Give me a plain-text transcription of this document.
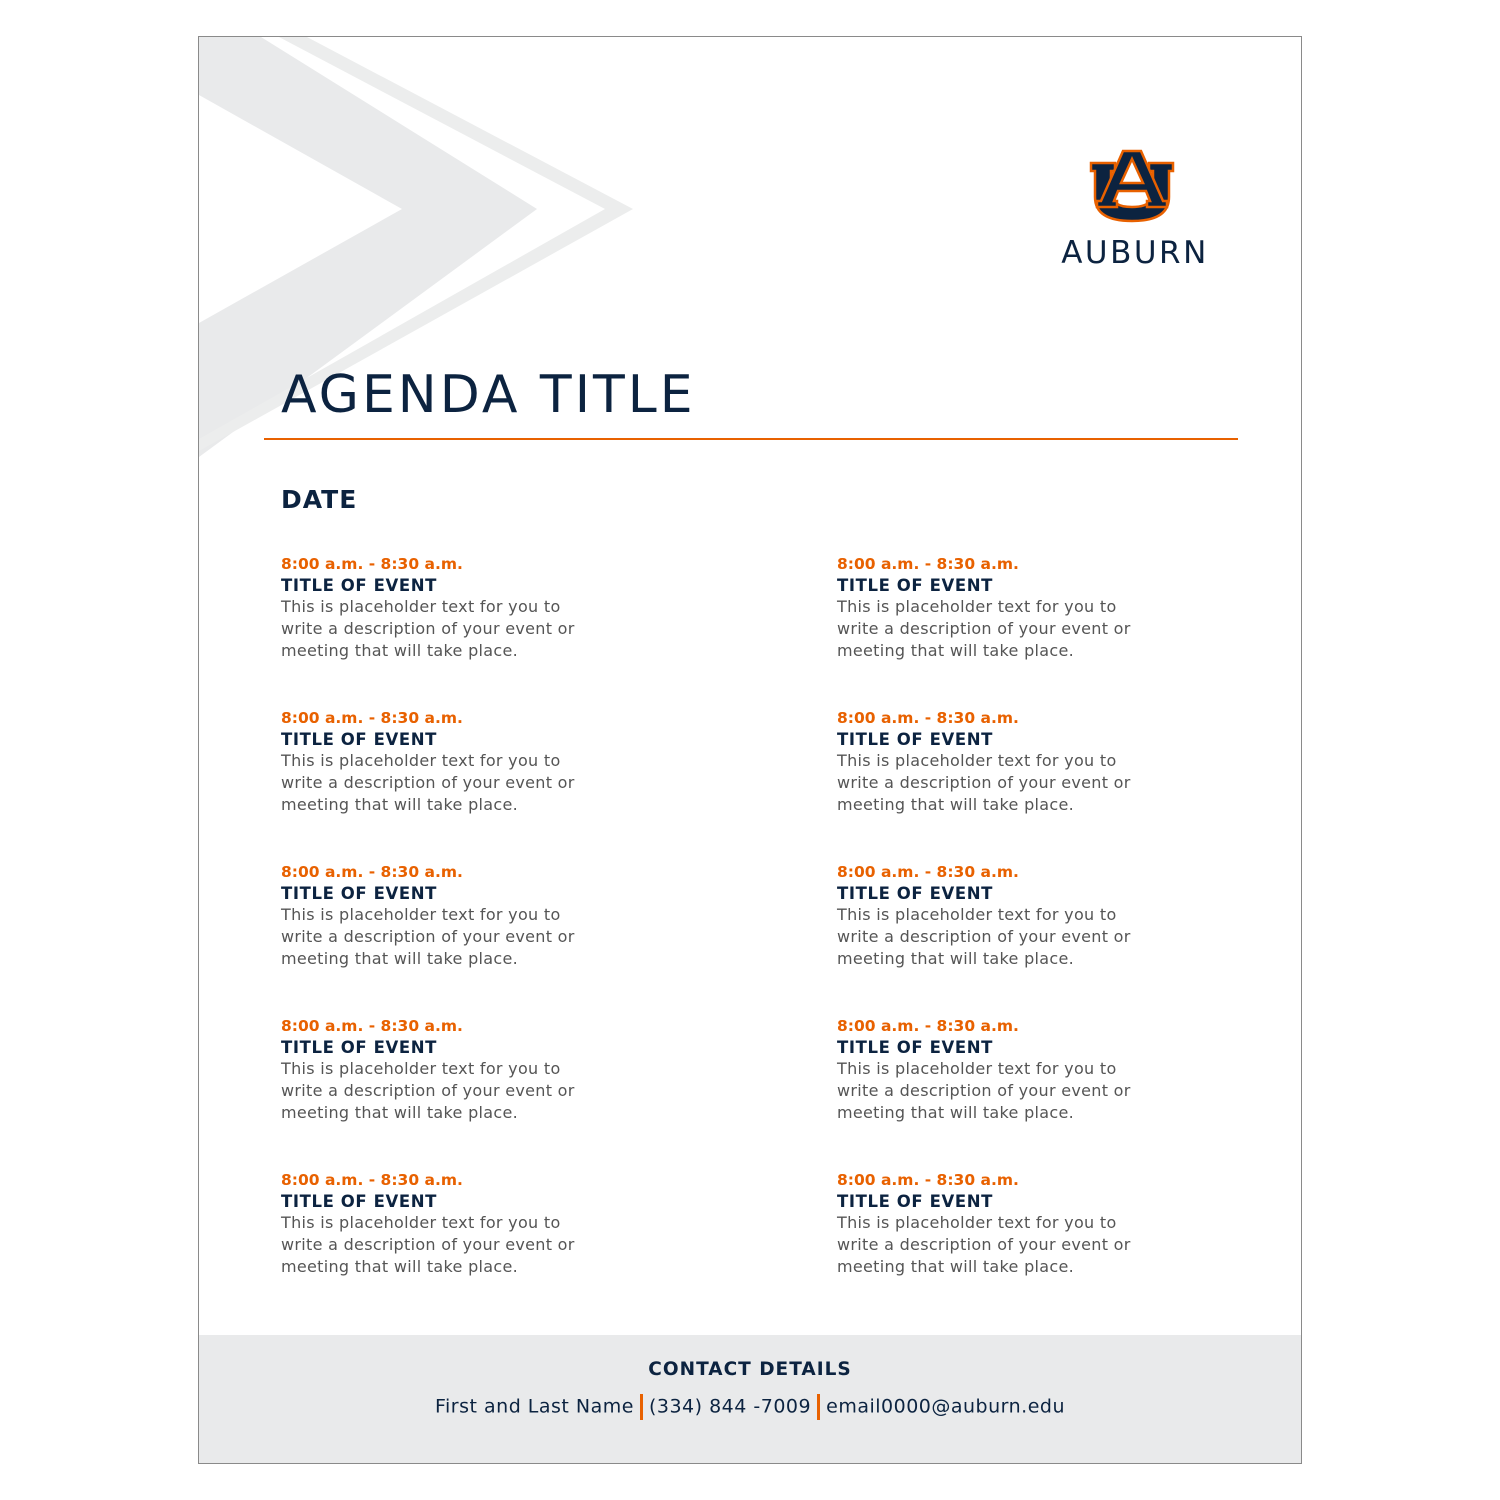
AUBURN
AGENDA TITLE
DATE
8:00 a.m. - 8:30 a.m.
TITLE OF EVENT
This is placeholder text for you to write a description of your event or meeting that will take place.
8:00 a.m. - 8:30 a.m.
TITLE OF EVENT
This is placeholder text for you to write a description of your event or meeting that will take place.
8:00 a.m. - 8:30 a.m.
TITLE OF EVENT
This is placeholder text for you to write a description of your event or meeting that will take place.
8:00 a.m. - 8:30 a.m.
TITLE OF EVENT
This is placeholder text for you to write a description of your event or meeting that will take place.
8:00 a.m. - 8:30 a.m.
TITLE OF EVENT
This is placeholder text for you to write a description of your event or meeting that will take place.
8:00 a.m. - 8:30 a.m.
TITLE OF EVENT
This is placeholder text for you to write a description of your event or meeting that will take place.
8:00 a.m. - 8:30 a.m.
TITLE OF EVENT
This is placeholder text for you to write a description of your event or meeting that will take place.
8:00 a.m. - 8:30 a.m.
TITLE OF EVENT
This is placeholder text for you to write a description of your event or meeting that will take place.
8:00 a.m. - 8:30 a.m.
TITLE OF EVENT
This is placeholder text for you to write a description of your event or meeting that will take place.
8:00 a.m. - 8:30 a.m.
TITLE OF EVENT
This is placeholder text for you to write a description of your event or meeting that will take place.
CONTACT DETAILS
First and Last Name (334) 844 -7009 email0000@auburn.edu
